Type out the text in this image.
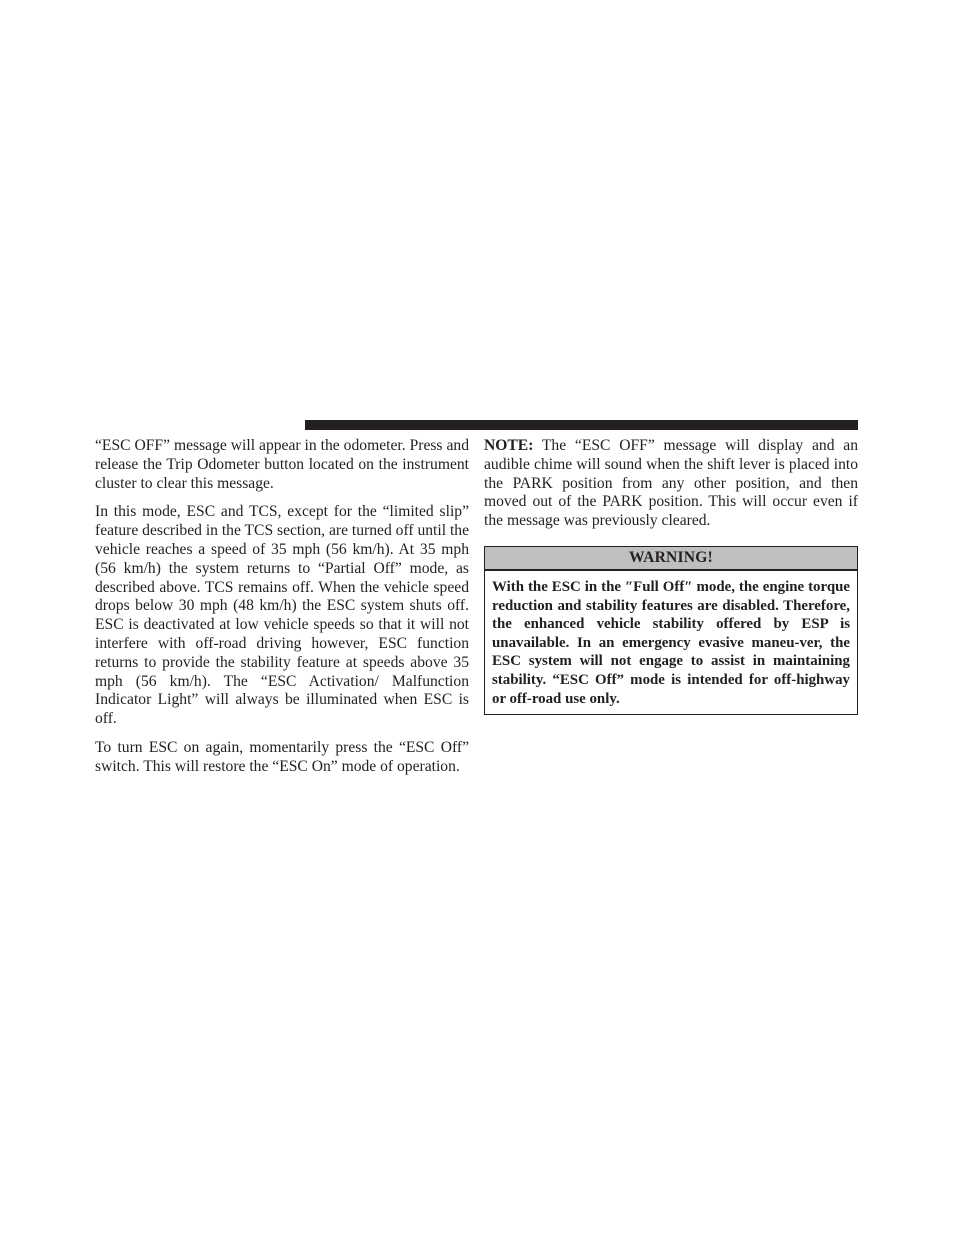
“ESC OFF” message will appear in the odometer. Press and release the Trip Odometer button located on the instrument cluster to clear this message.

In this mode, ESC and TCS, except for the “limited slip” feature described in the TCS section, are turned off until the vehicle reaches a speed of 35 mph (56 km/h). At 35 mph (56 km/h) the system returns to “Partial Off” mode, as described above. TCS remains off. When the vehicle speed drops below 30 mph (48 km/h) the ESC system shuts off. ESC is deactivated at low vehicle speeds so that it will not interfere with off-road driving however, ESC function returns to provide the stability feature at speeds above 35 mph (56 km/h). The “ESC Activation/ Malfunction Indicator Light” will always be illuminated when ESC is off.

To turn ESC on again, momentarily press the “ESC Off” switch. This will restore the “ESC On” mode of operation.

NOTE: The “ESC OFF” message will display and an audible chime will sound when the shift lever is placed into the PARK position from any other position, and then moved out of the PARK position. This will occur even if the message was previously cleared.

WARNING!
With the ESC in the ″Full Off″ mode, the engine torque reduction and stability features are disabled. Therefore, the enhanced vehicle stability offered by ESP is unavailable. In an emergency evasive maneu-ver, the ESC system will not engage to assist in maintaining stability. “ESC Off” mode is intended for off-highway or off-road use only.
